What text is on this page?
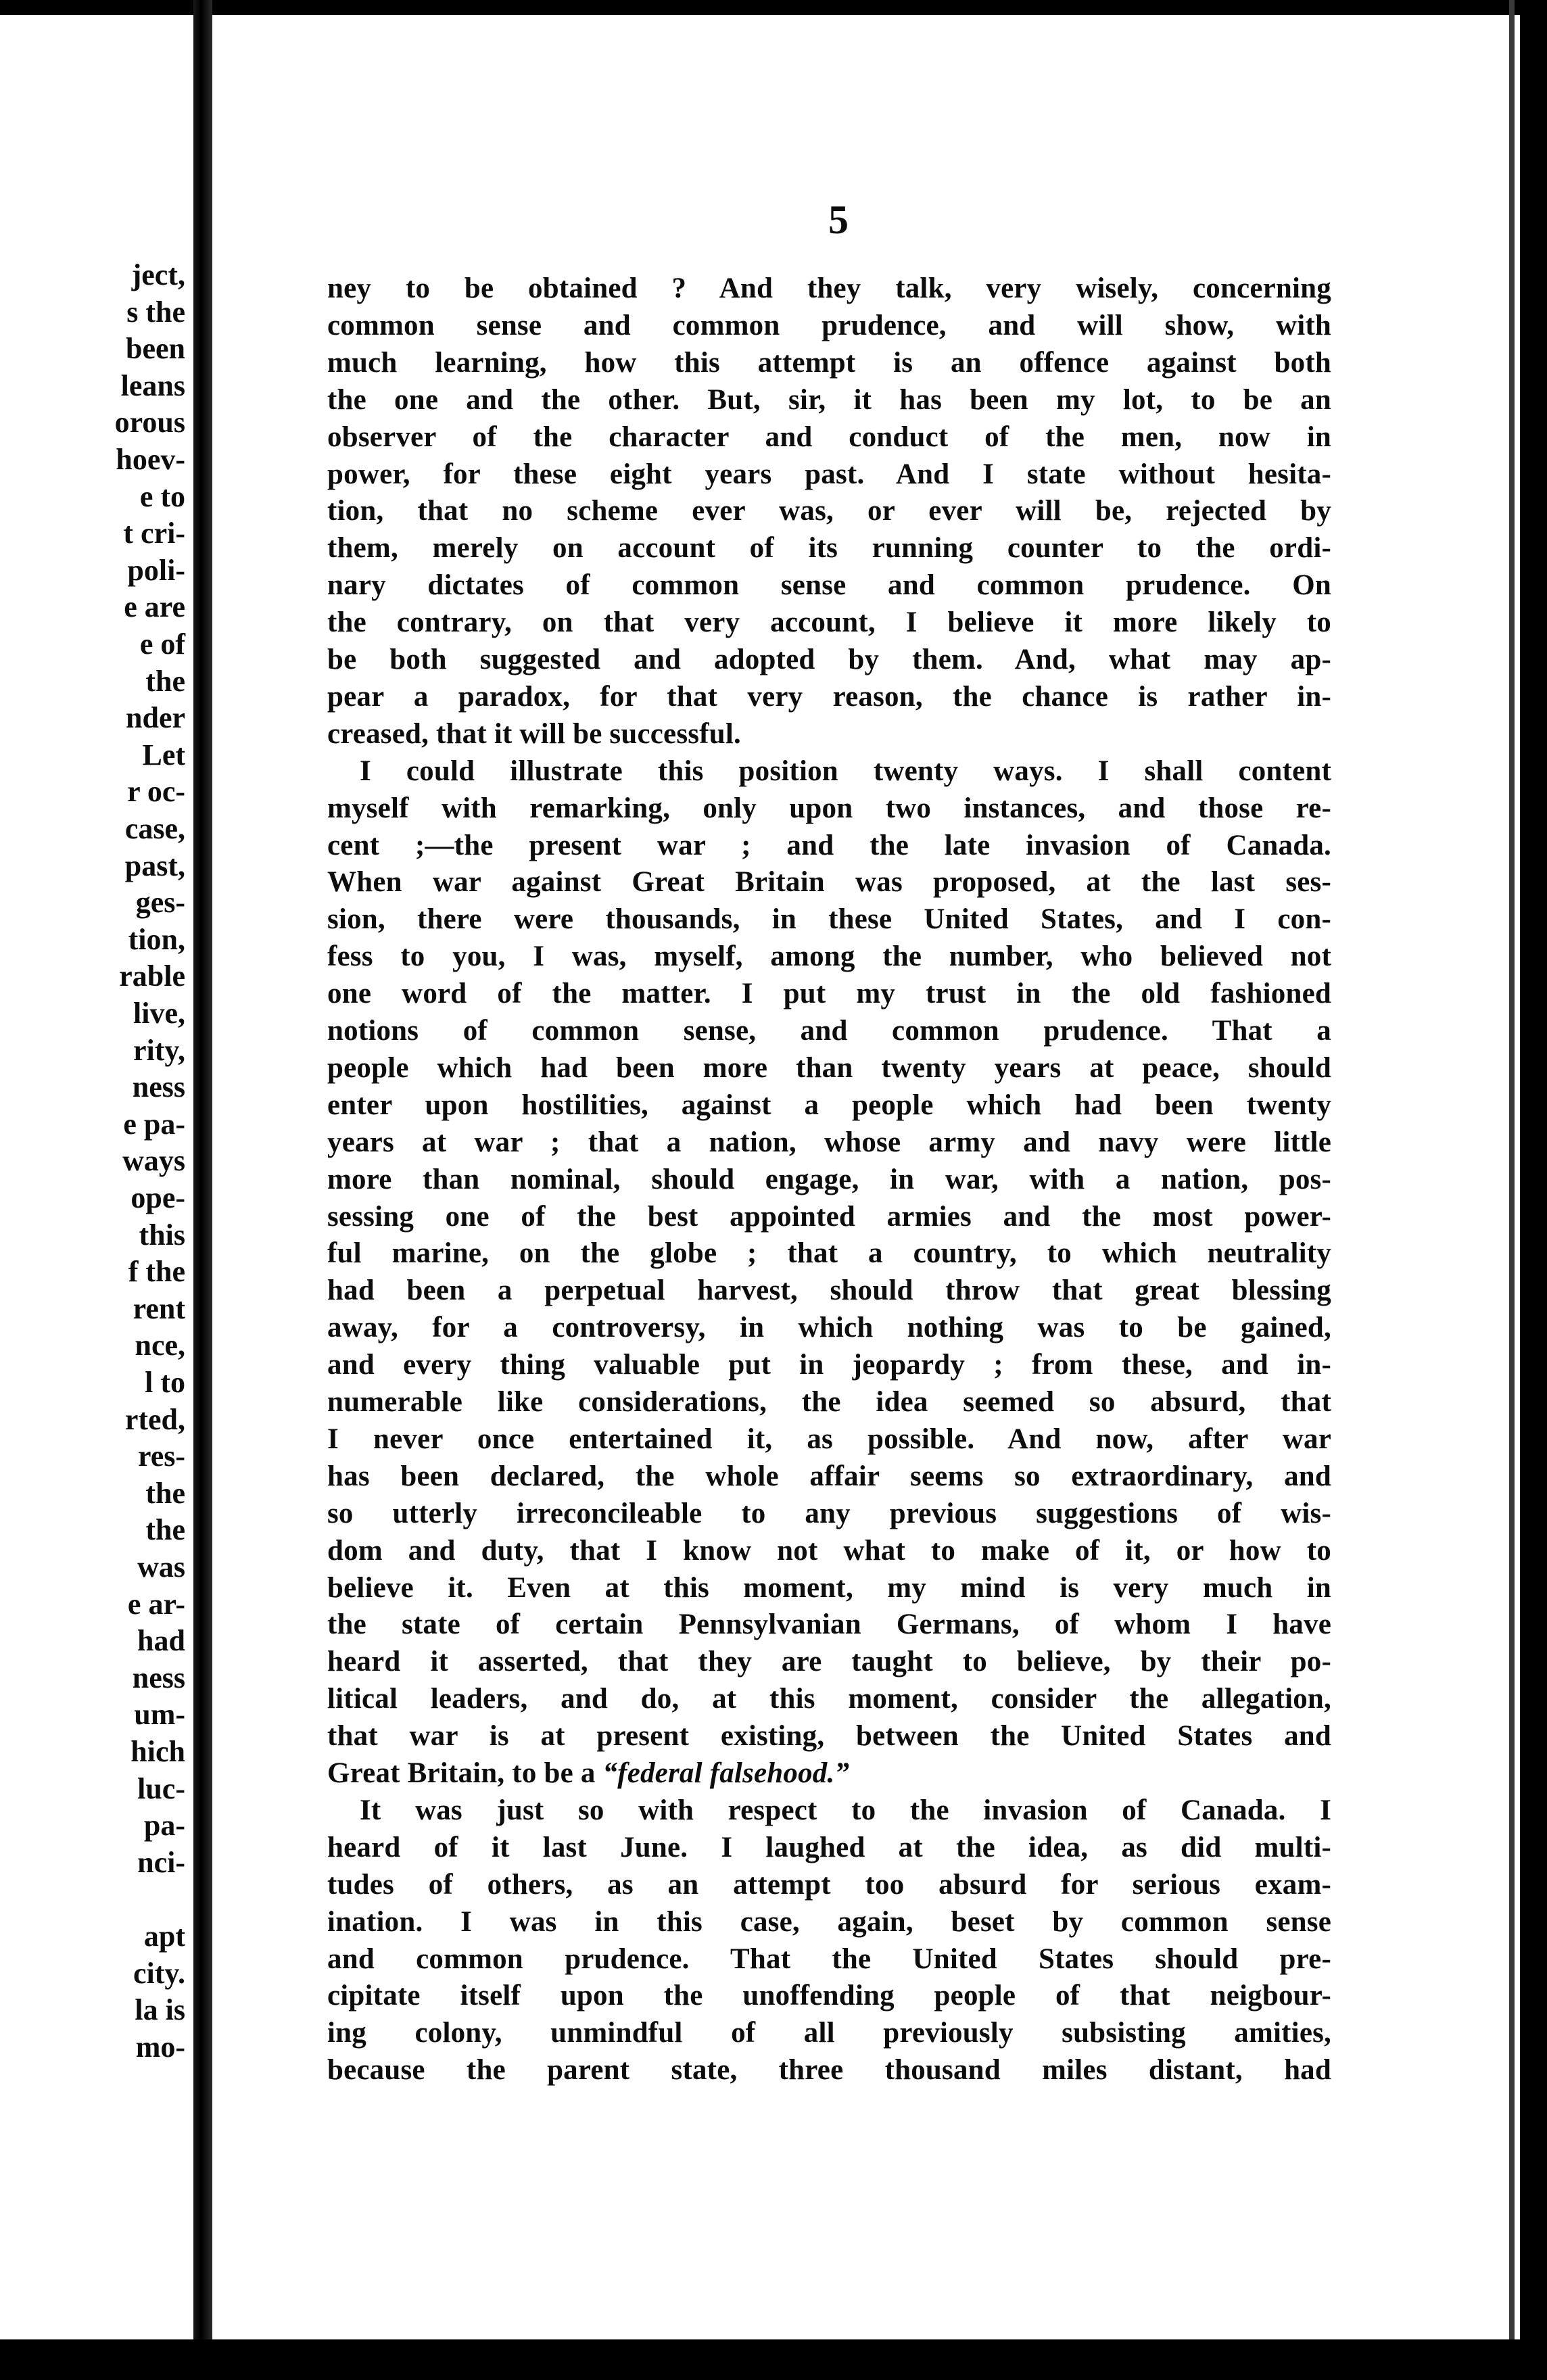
ject,
s the
been
leans
orous
hoev-
e to
t cri-
poli-
e are
e of
the
nder
Let
r oc-
case,
past,
ges-
tion,
rable
live,
rity,
ness
e pa-
ways
ope-
this
f the
rent
nce,
l to
rted,
res-
the
the
was
e ar-
had
ness
um-
hich
luc-
pa-
nci-
apt
city.
la is
mo-
5
ney to be obtained ? And they talk, very wisely, concerning
common sense and common prudence, and will show, with
much learning, how this attempt is an offence against both
the one and the other. But, sir, it has been my lot, to be an
observer of the character and conduct of the men, now in
power, for these eight years past. And I state without hesita-
tion, that no scheme ever was, or ever will be, rejected by
them, merely on account of its running counter to the ordi-
nary dictates of common sense and common prudence. On
the contrary, on that very account, I believe it more likely to
be both suggested and adopted by them. And, what may ap-
pear a paradox, for that very reason, the chance is rather in-
creased, that it will be successful.
I could illustrate this position twenty ways. I shall content
myself with remarking, only upon two instances, and those re-
cent ;—the present war ; and the late invasion of Canada.
When war against Great Britain was proposed, at the last ses-
sion, there were thousands, in these United States, and I con-
fess to you, I was, myself, among the number, who believed not
one word of the matter. I put my trust in the old fashioned
notions of common sense, and common prudence. That a
people which had been more than twenty years at peace, should
enter upon hostilities, against a people which had been twenty
years at war ; that a nation, whose army and navy were little
more than nominal, should engage, in war, with a nation, pos-
sessing one of the best appointed armies and the most power-
ful marine, on the globe ; that a country, to which neutrality
had been a perpetual harvest, should throw that great blessing
away, for a controversy, in which nothing was to be gained,
and every thing valuable put in jeopardy ; from these, and in-
numerable like considerations, the idea seemed so absurd, that
I never once entertained it, as possible. And now, after war
has been declared, the whole affair seems so extraordinary, and
so utterly irreconcileable to any previous suggestions of wis-
dom and duty, that I know not what to make of it, or how to
believe it. Even at this moment, my mind is very much in
the state of certain Pennsylvanian Germans, of whom I have
heard it asserted, that they are taught to believe, by their po-
litical leaders, and do, at this moment, consider the allegation,
that war is at present existing, between the United States and
Great Britain, to be a “federal falsehood.”
It was just so with respect to the invasion of Canada. I
heard of it last June. I laughed at the idea, as did multi-
tudes of others, as an attempt too absurd for serious exam-
ination. I was in this case, again, beset by common sense
and common prudence. That the United States should pre-
cipitate itself upon the unoffending people of that neigbour-
ing colony, unmindful of all previously subsisting amities,
because the parent state, three thousand miles distant, had
